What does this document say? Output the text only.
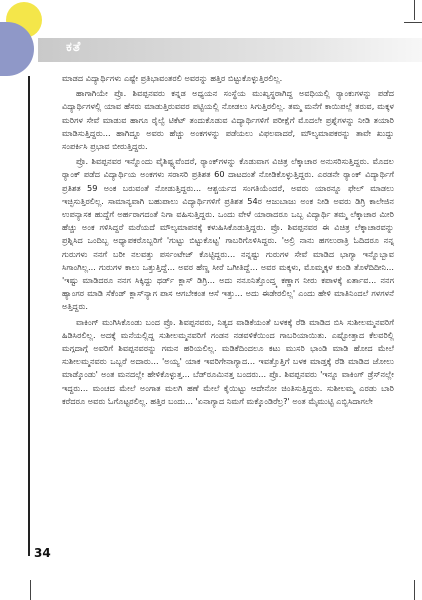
ಕತೆ

ಮಾಡದ ವಿದ್ಯಾರ್ಥಿಗಳು ಎಷ್ಟೇ ಪ್ರತಿಭಾವಂತರಲಿ ಅವರನ್ನು ಹತ್ತಿರ ಬಿಟ್ಟುಕೊಳ್ಳುತ್ತಿರಲಿಲ್ಲ.

ಹಾಗಾಗಿಯೇ ಪ್ರೊ. ಶಿವಪ್ಪನವರು ಕನ್ನಡ ಅಧ್ಯಯನ ಸಂಸ್ಥೆಯ ಮುಖ್ಯಸ್ಥರಾಗಿದ್ದ ಅವಧಿಯಲ್ಲಿ ರ‍್ಯಾಂಕುಗಳನ್ನು ಪಡೆದ ವಿದ್ಯಾರ್ಥಿಗಳಲ್ಲಿ ಯಾವ ಹೆಸರು ಮಾಡುತ್ತಿರುವವರ ಪಟ್ಟಿಯಲ್ಲಿ ನೋಡಲು ಸಿಗುತ್ತಿರಲಿಲ್ಲ. ತಮ್ಮ ಮನೆಗೆ ಕಾಯಿಪಲ್ಲೆ ತರುವ, ಮಕ್ಕಳ ಮರಿಗಳ ಸೇವೆ ಮಾಡುವ ಹಾಗೂ ರೈಲ್ವೆ ಟಿಕೆಟ್ ತಂದುಕೊಡುವ ವಿದ್ಯಾರ್ಥಿಗಳಿಗೆ ಪರೀಕ್ಷೆಗೆ ಮೊದಲೇ ಪ್ರಶ್ನೆಗಳನ್ನು ನೀಡಿ ತಯಾರಿ ಮಾಡಿಸುತ್ತಿದ್ದರು... ಹಾಗಿದ್ದೂ ಅವರು ಹೆಚ್ಚು ಅಂಕಗಳನ್ನು ಪಡೆಯಲು ವಿಫಲವಾದರೆ, ಮೌಲ್ಯಮಾಪಕರನ್ನು ತಾವೇ ಖುದ್ದು ಸಂಪರ್ಕಿಸಿ ಪ್ರಭಾವ ಬೀರುತ್ತಿದ್ದರು.

ಪ್ರೊ. ಶಿವಪ್ಪನವರ ಇನ್ನೊಂದು ವೈಶಿಷ್ಟ್ಯವೆಂದರೆ, ರ‍್ಯಾಂಕ್‌ಗಳನ್ನು ಕೊಡುವಾಗ ವಿಚಿತ್ರ ಲೆಕ್ಕಾಚಾರ ಅನುಸರಿಸುತ್ತಿದ್ದರು. ಮೊದಲ ರ‍್ಯಾಂಕ್ ಪಡೆದ ವಿದ್ಯಾರ್ಥಿಯ ಅಂಕಗಳು ಸರಾಸರಿ ಪ್ರತಿಶತ 60 ದಾಟದಂತೆ ನೋಡಿಕೊಳ್ಳುತ್ತಿದ್ದರು. ಎರಡನೇ ರ‍್ಯಾಂಕ್ ವಿದ್ಯಾರ್ಥಿಗೆ ಪ್ರತಿಶತ 59 ಅಂಕ ಬರುವಂತೆ ನೋಡುತ್ತಿದ್ದರು... ಆಶ್ಚರ್ಯದ ಸಂಗತಿಯೆಂದರೆ, ಅವರು ಯಾರನ್ನೂ ಫೇಲ್ ಮಾಡಲು ಇಚ್ಛಿಸುತ್ತಿರಲಿಲ್ಲ. ಸಾಮಾನ್ಯವಾಗಿ ಬಹುಪಾಲು ವಿದ್ಯಾರ್ಥಿಗಳಿಗೆ ಪ್ರತಿಶತ 54ರ ಆಜುಬಾಜು ಅಂಕ ನೀಡಿ ಅವರು ಡಿಗ್ರಿ ಕಾಲೇಜಿನ ಉಪನ್ಯಾಸಕ ಹುದ್ದೆಗೆ ಅರ್ಹರಾಗದಂತೆ ನಿಗಾ ವಹಿಸುತ್ತಿದ್ದರು. ಒಂದು ವೇಳೆ ಯಾರಾದರೂ ಒಬ್ಬ ವಿದ್ಯಾರ್ಥಿ ತಮ್ಮ ಲೆಕ್ಕಾಚಾರ ಮೀರಿ ಹೆಚ್ಚು ಅಂಕ ಗಳಿಸಿದ್ದರೆ ಮರೆಯದೆ ಮೌಲ್ಯಮಾಪನಕ್ಕೆ ಕಳುಹಿಸಿಕೊಡುತ್ತಿದ್ದರು. ಪ್ರೊ. ಶಿವಪ್ಪನವರ ಈ ವಿಚಿತ್ರ ಲೆಕ್ಕಾಚಾರವನ್ನು ಪ್ರಶ್ನಿಸಿದ ಒಂದಿಬ್ಬ ಅಧ್ಯಾಪಕರೊಬ್ಬರಿಗೆ 'ಗುಟ್ಟು ಬಿಟ್ಟುಕೊಟ್ಟ' ಗಾಬರಿಗೊಳಿಸಿದ್ದರು. 'ಅಲ್ರಿ ನಾನು ಹಗಲುರಾತ್ರಿ ಓದಿದರೂ ನನ್ನ ಗುರುಗಳು ನನಗೆ ಬರೀ ನಲವತ್ತು ಪರ್ಸಂಟೇಜ್ ಕೊಟ್ಟಿದ್ದರು... ನನ್ನಷ್ಟು ಗುರುಗಳ ಸೇವೆ ಮಾಡಿದ ಭಾಗ್ಯಾ ಇನ್ನೊಬ್ಬಾವ ಸಿಗಾಂಗಿಲ್ಲ... ಗುರುಗಳ ಕಾಲು ಒತ್ತುತ್ತಿದ್ದೆ... ಅವರ ಹೆಣ್ಣ ಸೀರೆ ಒಗೀತಿದ್ದೆ... ಅವರ ಮಕ್ಕಳು, ಮೊಮ್ಮಕ್ಕಳ ಕುಂಡಿ ತೊಳೆದಿದೀನಿ... 'ಇಷ್ಟು ಮಾಡಿದರೂ ನನಗ ಸಿಕ್ಕಿದ್ದು ಥರ್ಡ್ ಕ್ಲಾಸ್ ಡಿಗ್ರಿ... ಅದು ನನೂನಿತ್ತೊಂದ್ತ್ಕ ಕಣ್ಣಾಗ ನೀರು ಕಪಾಳಕ್ಕೆ ಏರ್ತಾವ... ನನಗ ಹ್ಯಾಂಗರ ಮಾಡಿ ಸೆಕೆಂಡ್ ಕ್ಲಾಸ್‌ನ್ಯಾಗ ಪಾಸ ಆಗಬೇಕಂತ ಆಸೆ ಇತ್ತು... ಅದು ಈಡೇರಲಿಲ್ಲ' ಎಂದು ಹೇಳಿ ಮಾತಿನಿಂದಲೆ ಗಳಗಳನೆ ಅತ್ತಿದ್ದರು.

ವಾಕಿಂಗ್ ಮುಗಿಸಿಕೊಂಡು ಬಂದ ಪ್ರೊ. ಶಿವಪ್ಪನವರು, ನಿತ್ಯದ ವಾಡಿಕೆಯಂತೆ ಬಳಕಕ್ಕೆ ರೆಡಿ ಮಾಡಿದ ಬಿಸಿ ಸುಶೀಲಮ್ಮನವರಿಗೆ ಹಿಡಿಸಿರಲಿಲ್ಲ. ಅದಕ್ಕೆ ಮನೆಯಲ್ಲಿದ್ದ ಸುಶೀಲಮ್ಮನವರಿಗೆ ಗಂಡನ ನಡವಳಿಕೆಯಿಂದ ಗಾಬರಿಯಾಯಿತು. ಎಷ್ಟೋತ್ತಾದ ಕೆಲವರಿಲ್ಲಿ ಮಗ್ಗದಾಗ್ಗೆ ಅವರಿಗೆ ಶಿವಪ್ಪನವರನ್ನು ಗಮನ ಹರಿಯಲಿಲ್ಲ. ಮಡಿಕೆದಿಂದಲೂ ಕಟು ಮುಸರಿ ಭಾಂಡಿ ಮಾಡಿ ಹೋದ ಮೇಲೆ ಸುಶೀಲಮ್ಮನವರು ಒಬ್ಬರೆ ಅದಾರು... 'ಅಯ್ಯ' ಯಾಕ ಇವರಿಗೇನಾಗ್ಯಾದ... ಇವತ್ತೊತ್ತಿಗೆ ಬಳಕ ಮಾಡ್ತಕ್ಕೆ ರೆಡಿ ಮಾಡಿದ ಜೋಲು ಮಾಡ್ಕೊಂಡು' ಅಂತ ಮನದಲ್ಲೇ ಹೇಳಿಕೊಳ್ಳುತ್ತ... ಬೆಡ್‌ರೂಮಿನತ್ತ ಬಂದರು... ಪ್ರೊ. ಶಿವಪ್ಪನವರು 'ಇನ್ನೂ ವಾಕಿಂಗ್ ಡ್ರೆಸ್‌ನಲ್ಲೇ ಇದ್ದರು... ಮಂಚದ ಮೇಲೆ ಅಂಗಾತ ಮಲಗಿ ಹಣೆ ಮೇಲೆ ಕೈಯಿಟ್ಟು ಆದೇನೋ ಚಿಂತಿಸುತ್ತಿದ್ದರು. ಸುಶೀಲಮ್ಮ ಎರಡು ಬಾರಿ ಕರೆದರೂ ಅವರು ಓಗೊಟ್ಟರಲಿಲ್ಲ. ಹತ್ತಿರ ಬಂದು... 'ಏನಾಗ್ಯಾದ ನಿಮಗೆ ಮಕ್ಕೊಂಡಿರೆಲ್ರ?' ಅಂತ ಮೈಮುಟ್ಟಿ ಎಬ್ಬಿಸಿದಾಗಲೇ

34
